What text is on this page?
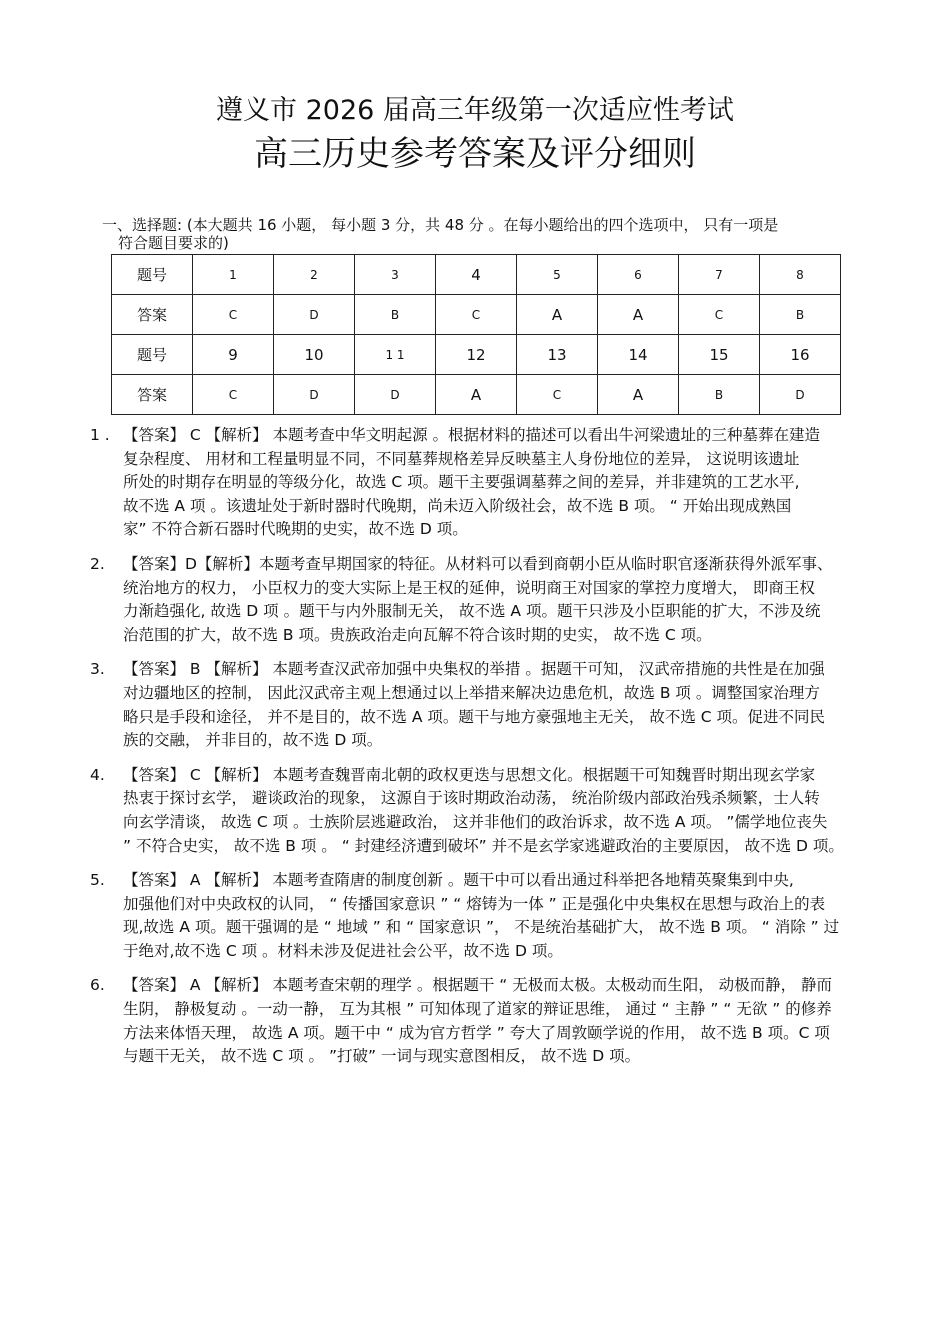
遵义市 2026 届高三年级第一次适应性考试
高三历史参考答案及评分细则
一、选择题: (本大题共 16 小题， 每小题 3 分，共 48 分 。在每小题给出的四个选项中， 只有一项是
符合题目要求的)
题号	1	2	3	4	5	6	7	8
答案	C	D	B	C	A	A	C	B
题号	9	10	1 1	12	13	14	15	16
答案	C	D	D	A	C	A	B	D
1 . 【答案】 C 【解析】 本题考查中华文明起源 。根据材料的描述可以看出牛河梁遗址的三种墓葬在建造
复杂程度、 用材和工程量明显不同，不同墓葬规格差异反映墓主人身份地位的差异， 这说明该遗址
所处的时期存在明显的等级分化，故选 C 项。题干主要强调墓葬之间的差异，并非建筑的工艺水平,
故不选 A 项 。该遗址处于新时器时代晚期，尚未迈入阶级社会，故不选 B 项。 “ 开始出现成熟国
家” 不符合新石器时代晚期的史实，故不选 D 项。
2. 【答案】D【解析】本题考查早期国家的特征。从材料可以看到商朝小臣从临时职官逐渐获得外派军事、
统治地方的权力， 小臣权力的变大实际上是王权的延伸，说明商王对国家的掌控力度增大， 即商王权
力渐趋强化, 故选 D 项 。题干与内外服制无关， 故不选 A 项。题干只涉及小臣职能的扩大，不涉及统
治范围的扩大，故不选 B 项。贵族政治走向瓦解不符合该时期的史实， 故不选 C 项。
3. 【答案】 B 【解析】 本题考查汉武帝加强中央集权的举措 。据题干可知， 汉武帝措施的共性是在加强
对边疆地区的控制， 因此汉武帝主观上想通过以上举措来解决边患危机，故选 B 项 。调整国家治理方
略只是手段和途径， 并不是目的，故不选 A 项。题干与地方豪强地主无关， 故不选 C 项。促进不同民
族的交融， 并非目的，故不选 D 项。
4. 【答案】 C 【解析】 本题考查魏晋南北朝的政权更迭与思想文化。根据题干可知魏晋时期出现玄学家
热衷于探讨玄学， 避谈政治的现象， 这源自于该时期政治动荡， 统治阶级内部政治残杀频繁，士人转
向玄学清谈， 故选 C 项 。士族阶层逃避政治， 这并非他们的政治诉求，故不选 A 项。 ”儒学地位丧失
” 不符合史实， 故不选 B 项 。 “ 封建经济遭到破坏” 并不是玄学家逃避政治的主要原因， 故不选 D 项。
5. 【答案】 A 【解析】 本题考查隋唐的制度创新 。题干中可以看出通过科举把各地精英聚集到中央,
加强他们对中央政权的认同， “ 传播国家意识 ” “ 熔铸为一体 ” 正是强化中央集权在思想与政治上的表
现,故选 A 项。题干强调的是 “ 地域 ” 和 “ 国家意识 ”， 不是统治基础扩大， 故不选 B 项。 “ 消除 ” 过
于绝对,故不选 C 项 。材料未涉及促进社会公平，故不选 D 项。
6. 【答案】 A 【解析】 本题考查宋朝的理学 。根据题干 “ 无极而太极。太极动而生阳， 动极而静， 静而
生阴， 静极复动 。一动一静， 互为其根 ” 可知体现了道家的辩证思维， 通过 “ 主静 ” “ 无欲 ” 的修养
方法来体悟天理， 故选 A 项。题干中 “ 成为官方哲学 ” 夸大了周敦颐学说的作用， 故不选 B 项。C 项
与题干无关， 故不选 C 项 。 ”打破” 一词与现实意图相反， 故不选 D 项。
